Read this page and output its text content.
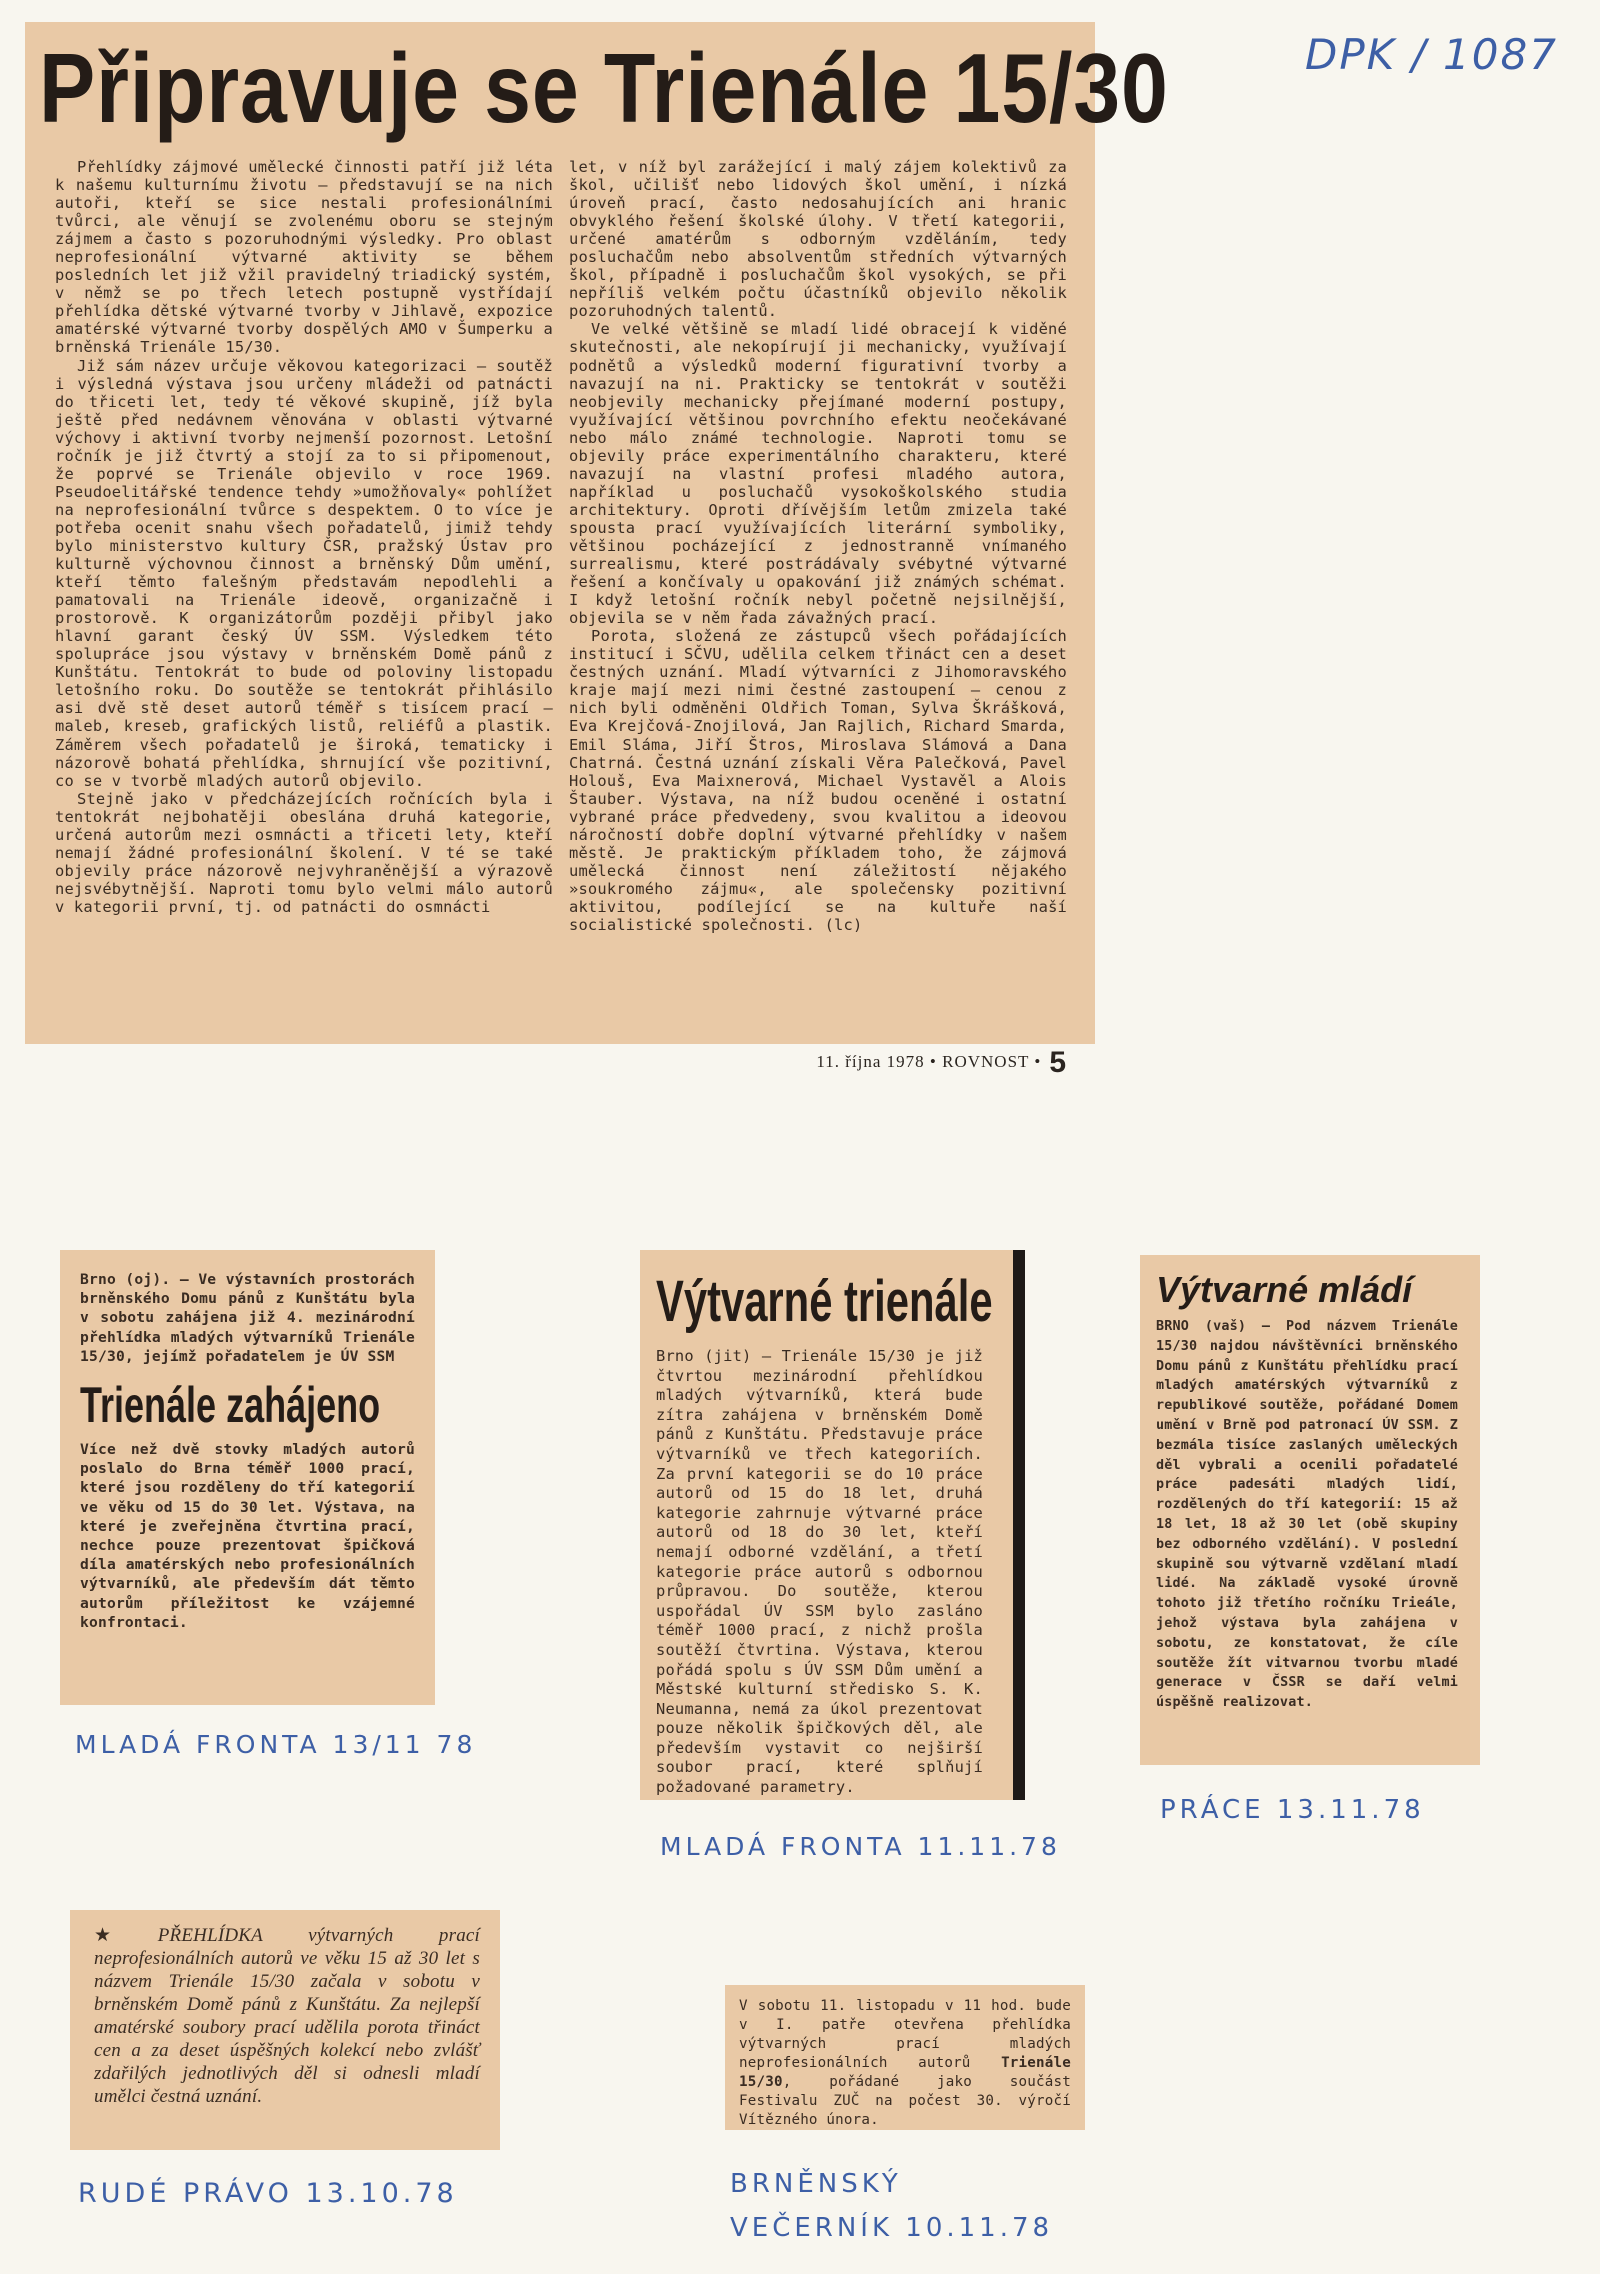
DPK / 1087
Připravuje se Trienále 15/30

Přehlídky zájmové umělecké činnosti patří již léta k našemu kulturnímu životu — představují se na nich autoři, kteří se sice nestali profesionálními tvůrci, ale věnují se zvolenému oboru se stejným zájmem a často s pozoruhodnými výsledky. Pro oblast neprofesionální výtvarné aktivity se během posledních let již vžil pravidelný triadický systém, v němž se po třech letech postupně vystřídají přehlídka dětské výtvarné tvorby v Jihlavě, expozice amatérské výtvarné tvorby dospělých AMO v Šumperku a brněnská Trienále 15/30.

Již sám název určuje věkovou kategorizaci — soutěž i výsledná výstava jsou určeny mládeži od patnácti do třiceti let, tedy té věkové skupině, jíž byla ještě před nedávnem věnována v oblasti výtvarné výchovy i aktivní tvorby nejmenší pozornost. Letošní ročník je již čtvrtý a stojí za to si připomenout, že poprvé se Trienále objevilo v roce 1969. Pseudoelitářské tendence tehdy »umožňovaly« pohlížet na neprofesionální tvůrce s despektem. O to více je potřeba ocenit snahu všech pořadatelů, jimiž tehdy bylo ministerstvo kultury ČSR, pražský Ústav pro kulturně výchovnou činnost a brněnský Dům umění, kteří těmto falešným představám nepodlehli a pamatovali na Trienále ideově, organizačně i prostorově. K organizátorům později přibyl jako hlavní garant český ÚV SSM. Výsledkem této spolupráce jsou výstavy v brněnském Domě pánů z Kunštátu. Tentokrát to bude od poloviny listopadu letošního roku. Do soutěže se tentokrát přihlásilo asi dvě stě deset autorů téměř s tisícem prací — maleb, kreseb, grafických listů, reliéfů a plastik. Záměrem všech pořadatelů je široká, tematicky i názorově bohatá přehlídka, shrnující vše pozitivní, co se v tvorbě mladých autorů objevilo.

Stejně jako v předcházejících ročnících byla i tentokrát nejbohatěji obeslána druhá kategorie, určená autorům mezi osmnácti a třiceti lety, kteří nemají žádné profesionální školení. V té se také objevily práce názorově nejvyhraněnější a výrazově nejsvébytnější. Naproti tomu bylo velmi málo autorů v kategorii první, tj. od patnácti do osmnácti

let, v níž byl zarážející i malý zájem kolektivů za škol, učilišť nebo lidových škol umění, i nízká úroveň prací, často nedosahujících ani hranic obvyklého řešení školské úlohy. V třetí kategorii, určené amatérům s odborným vzděláním, tedy posluchačům nebo absolventům středních výtvarných škol, případně i posluchačům škol vysokých, se při nepříliš velkém počtu účastníků objevilo několik pozoruhodných talentů.

Ve velké většině se mladí lidé obracejí k viděné skutečnosti, ale nekopírují ji mechanicky, využívají podnětů a výsledků moderní figurativní tvorby a navazují na ni. Prakticky se tentokrát v soutěži neobjevily mechanicky přejímané moderní postupy, využívající většinou povrchního efektu neočekávané nebo málo známé technologie. Naproti tomu se objevily práce experimentálního charakteru, které navazují na vlastní profesi mladého autora, například u posluchačů vysokoškolského studia architektury. Oproti dřívějším letům zmizela také spousta prací využívajících literární symboliky, většinou pocházející z jednostranně vnímaného surrealismu, které postrádávaly svébytné výtvarné řešení a končívaly u opakování již známých schémat. I když letošní ročník nebyl početně nejsilnější, objevila se v něm řada závažných prací.

Porota, složená ze zástupců všech pořádajících institucí i SČVU, udělila celkem třináct cen a deset čestných uznání. Mladí výtvarníci z Jihomoravského kraje mají mezi nimi čestné zastoupení — cenou z nich byli odměněni Oldřich Toman, Sylva Škrášková, Eva Krejčová-Znojilová, Jan Rajlich, Richard Smarda, Emil Sláma, Jiří Štros, Miroslava Slámová a Dana Chatrná. Čestná uznání získali Věra Palečková, Pavel Holouš, Eva Maixnerová, Michael Vystavěl a Alois Štauber. Výstava, na níž budou oceněné i ostatní vybrané práce předvedeny, svou kvalitou a ideovou náročností dobře doplní výtvarné přehlídky v našem městě. Je praktickým příkladem toho, že zájmová umělecká činnost není záležitostí nějakého »soukromého zájmu«, ale společensky pozitivní aktivitou, podílející se na kultuře naší socialistické společnosti. (lc)

11. října 1978 • ROVNOST • 5
Brno (oj). — Ve výstavních prostorách brněnského Domu pánů z Kunštátu byla v sobotu zahájena již 4. mezinárodní přehlídka mladých výtvarníků Trienále 15/30, jejímž pořadatelem je ÚV SSM
Trienále zahájeno
Více než dvě stovky mladých autorů poslalo do Brna téměř 1000 prací, které jsou rozděleny do tří kategorií ve věku od 15 do 30 let. Výstava, na které je zveřejněna čtvrtina prací, nechce pouze prezentovat špičková díla amatérských nebo profesionálních výtvarníků, ale především dát těmto autorům příležitost ke vzájemné konfrontaci.
MLADÁ FRONTA 13/11 78
Výtvarné trienále
Brno (jit) — Trienále 15/30 je již čtvrtou mezinárodní přehlídkou mladých výtvarníků, která bude zítra zahájena v brněnském Domě pánů z Kunštátu. Představuje práce výtvarníků ve třech kategoriích. Za první kategorii se do 10 práce autorů od 15 do 18 let, druhá kategorie zahrnuje výtvarné práce autorů od 18 do 30 let, kteří nemají odborné vzdělání, a třetí kategorie práce autorů s odbornou průpravou. Do soutěže, kterou uspořádal ÚV SSM bylo zasláno téměř 1000 prací, z nichž prošla soutěží čtvrtina. Výstava, kterou pořádá spolu s ÚV SSM Dům umění a Městské kulturní středisko S. K. Neumanna, nemá za úkol prezentovat pouze několik špičkových děl, ale především vystavit co nejširší soubor prací, které splňují požadované parametry.
MLADÁ FRONTA 11.11.78
Výtvarné mládí
BRNO (vaš) — Pod názvem Trienále 15/30 najdou návštěvníci brněnského Domu pánů z Kunštátu přehlídku prací mladých amatérských výtvarníků z republikové soutěže, pořádané Domem umění v Brně pod patronací ÚV SSM. Z bezmála tisíce zaslaných uměleckých děl vybrali a ocenili pořadatelé práce padesáti mladých lidí, rozdělených do tří kategorií: 15 až 18 let, 18 až 30 let (obě skupiny bez odborného vzdělání). V poslední skupině sou výtvarně vzdělaní mladí lidé. Na základě vysoké úrovně tohoto již třetího ročníku Trieále, jehož výstava byla zahájena v sobotu, ze konstatovat, že cíle soutěže žít vitvarnou tvorbu mladé generace v ČSSR se daří velmi úspěšně realizovat.
PRÁCE 13.11.78
★ PŘEHLÍDKA výtvarných prací neprofesionálních autorů ve věku 15 až 30 let s názvem Trienále 15/30 začala v sobotu v brněnském Domě pánů z Kunštátu. Za nejlepší amatérské soubory prací udělila porota třináct cen a za deset úspěšných kolekcí nebo zvlášť zdařilých jednotlivých děl si odnesli mladí umělci čestná uznání.
RUDÉ PRÁVO 13.10.78
V sobotu 11. listopadu v 11 hod. bude v I. patře otevřena přehlídka výtvarných prací mladých neprofesionálních autorů Trienále 15/30, pořádané jako součást Festivalu ZUČ na počest 30. výročí Vítězného února.
BRNĚNSKÝ VEČERNÍK 10.11.78
